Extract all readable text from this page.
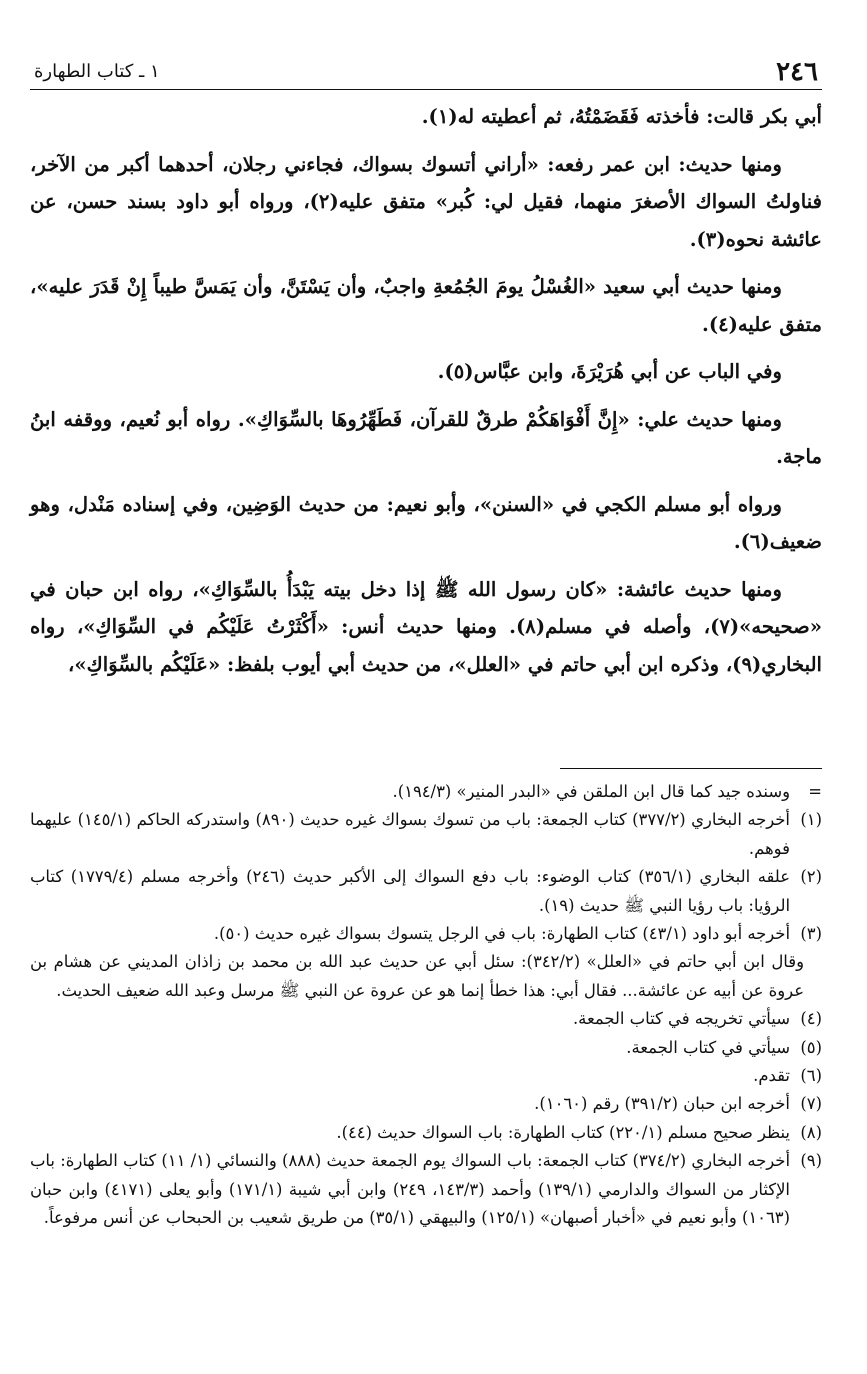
٢٤٦
١ ـ كتاب الطهارة

أبي بكر قالت: فأخذته فَقَضَمْتُهُ، ثم أعطيته له(١).

ومنها حديث: ابن عمر رفعه: «أراني أتسوك بسواك، فجاءني رجلان، أحدهما أكبر من الآخر، فناولتُ السواك الأصغرَ منهما، فقيل لي: كُبر» متفق عليه(٢)، ورواه أبو داود بسند حسن، عن عائشة نحوه(٣).

ومنها حديث أبي سعيد «الغُسْلُ يومَ الجُمُعةِ واجبٌ، وأن يَسْتَنَّ، وأن يَمَسَّ طيباً إِنْ قَدَرَ عليه»، متفق عليه(٤).

وفي الباب عن أبي هُرَيْرَةَ، وابن عبَّاس(٥).

ومنها حديث علي: «إِنَّ أَفْوَاهَكُمْ طرقٌ للقرآن، فَطَهِّرُوهَا بالسِّوَاكِ». رواه أبو نُعيم، ووقفه ابنُ ماجة.

ورواه أبو مسلم الكجي في «السنن»، وأبو نعيم: من حديث الوَضِين، وفي إسناده مَنْدل، وهو ضعيف(٦).

ومنها حديث عائشة: «كان رسول الله ﷺ إذا دخل بيته يَبْدَأُ بالسِّوَاكِ»، رواه ابن حبان في «صحيحه»(٧)، وأصله في مسلم(٨). ومنها حديث أنس: «أَكْثَرْتُ عَلَيْكُم في السِّوَاكِ»، رواه البخاري(٩)، وذكره ابن أبي حاتم في «العلل»، من حديث أبي أيوب بلفظ: «عَلَيْكُم بالسِّوَاكِ»،

=
وسنده جيد كما قال ابن الملقن في «البدر المنير» (١٩٤/٣).

(١)
أخرجه البخاري (٣٧٧/٢) كتاب الجمعة: باب من تسوك بسواك غيره حديث (٨٩٠) واستدركه الحاكم (١٤٥/١) عليهما فوهم.

(٢)
علقه البخاري (٣٥٦/١) كتاب الوضوء: باب دفع السواك إلى الأكبر حديث (٢٤٦) وأخرجه مسلم (١٧٧٩/٤) كتاب الرؤيا: باب رؤيا النبي ﷺ حديث (١٩).

(٣)
أخرجه أبو داود (٤٣/١) كتاب الطهارة: باب في الرجل يتسوك بسواك غيره حديث (٥٠).

وقال ابن أبي حاتم في «العلل» (٣٤٢/٢): سئل أبي عن حديث عبد الله بن محمد بن زاذان المديني عن هشام بن عروة عن أبيه عن عائشة... فقال أبي: هذا خطأ إنما هو عن عروة عن النبي ﷺ مرسل وعبد الله ضعيف الحديث.

(٤)
سيأتي تخريجه في كتاب الجمعة.

(٥)
سيأتي في كتاب الجمعة.

(٦)
تقدم.

(٧)
أخرجه ابن حبان (٣٩١/٢) رقم (١٠٦٠).

(٨)
ينظر صحيح مسلم (٢٢٠/١) كتاب الطهارة: باب السواك حديث (٤٤).

(٩)
أخرجه البخاري (٣٧٤/٢) كتاب الجمعة: باب السواك يوم الجمعة حديث (٨٨٨) والنسائي (١/ ١١) كتاب الطهارة: باب الإكثار من السواك والدارمي (١٣٩/١) وأحمد (١٤٣/٣، ٢٤٩) وابن أبي شيبة (١٧١/١) وأبو يعلى (٤١٧١) وابن حبان (١٠٦٣) وأبو نعيم في «أخبار أصبهان» (١٢٥/١) والبيهقي (٣٥/١) من طريق شعيب بن الحبحاب عن أنس مرفوعاً.
